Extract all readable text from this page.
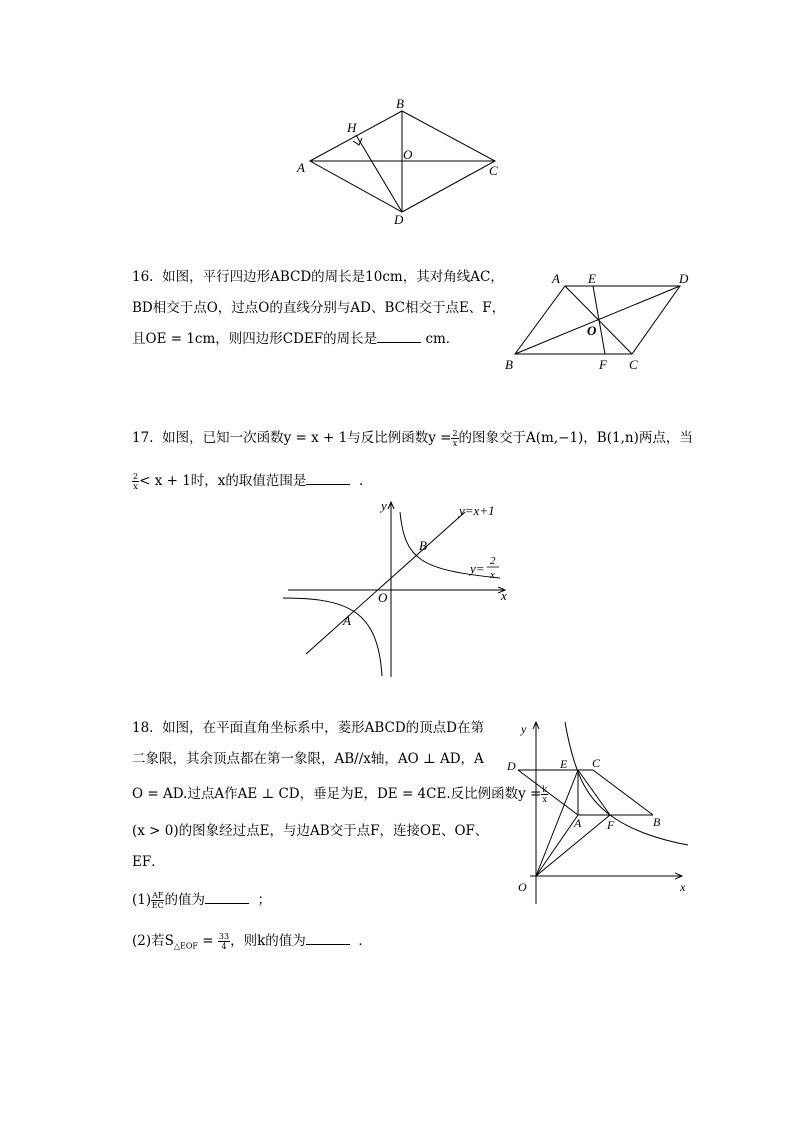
A
B
C
D
O
H
16. 如图，平行四边形ABCD的周长是10cm，其对角线AC，
BD相交于点O，过点O的直线分别与AD、BC相交于点E、F，
且OE = 1cm，则四边形CDEF的周长是	cm．
A E	D
O
B	F C
17. 如图，已知一次函数y = x + 1与反比例函数$y = \frac{2}{x}$ 的图象交于A(m,−1)，B(1,n)两点，当
$\frac{2}{x} < x + 1$时，x的取值范围是	．
y
x
O
A
B
y=x+1
y= 2
x
18. 如图，在平面直角坐标系中，菱形ABCD的顶点D在第
二象限，其余顶点都在第一象限，AB//x轴，AO ⊥ AD，A
O = AD.过点A作AE ⊥ CD，垂足为E，DE = 4CE.反比例函数$y = \frac{k}{x}$
(x > 0)的图象经过点E，与边AB交于点F，连接OE、OF、
EF．
$(1) \frac{AF}{EC}$ 的值为	；
(2)若$S_{\triangle EOF} = \frac{33}{4}$ ，则k的值为	．
y
x
O
D	E C
A F	B
